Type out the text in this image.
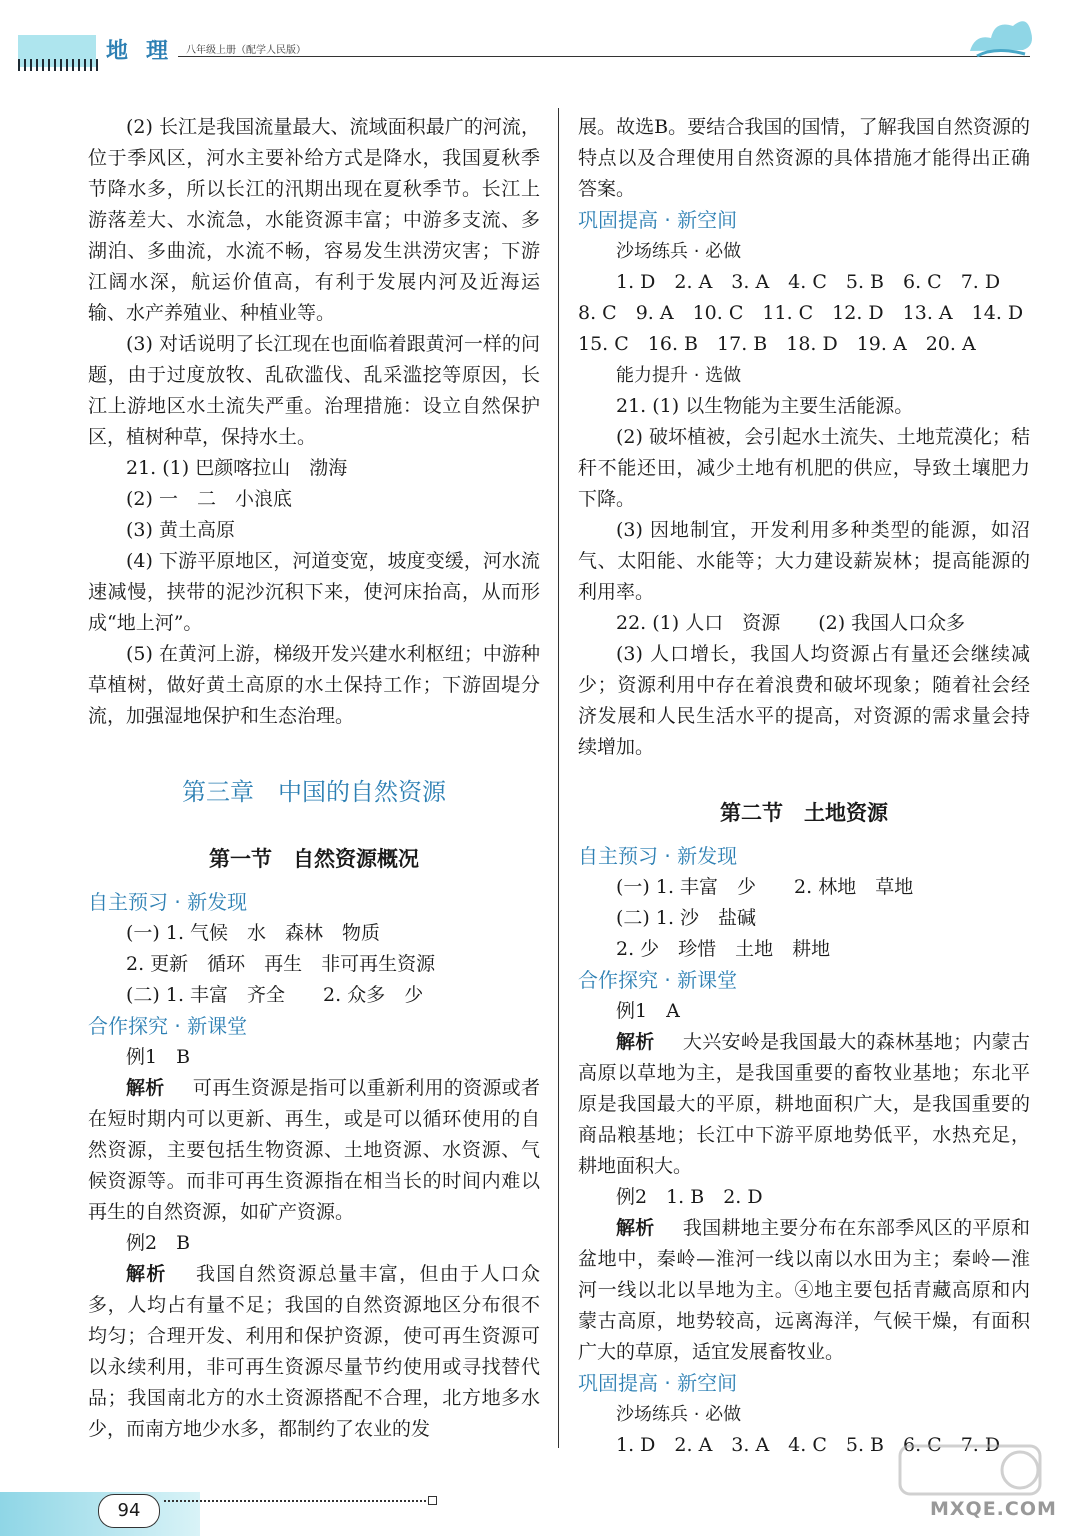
地理 八年级上册（配学人民版）

(2) 长江是我国流量最大、流域面积最广的河流，位于季风区，河水主要补给方式是降水，我国夏秋季节降水多，所以长江的汛期出现在夏秋季节。长江上游落差大、水流急，水能资源丰富；中游多支流、多湖泊、多曲流，水流不畅，容易发生洪涝灾害；下游江阔水深，航运价值高，有利于发展内河及近海运输、水产养殖业、种植业等。

(3) 对话说明了长江现在也面临着跟黄河一样的问题，由于过度放牧、乱砍滥伐、乱采滥挖等原因，长江上游地区水土流失严重。治理措施：设立自然保护区，植树种草，保持水土。

21. (1) 巴颜喀拉山　渤海

(2) 一　二　小浪底

(3) 黄土高原

(4) 下游平原地区，河道变宽，坡度变缓，河水流速减慢，挟带的泥沙沉积下来，使河床抬高，从而形成“地上河”。

(5) 在黄河上游，梯级开发兴建水利枢纽；中游种草植树，做好黄土高原的水土保持工作；下游固堤分流，加强湿地保护和生态治理。

第三章　中国的自然资源
第一节　自然资源概况

自主预习 · 新发现

(一) 1. 气候　水　森林　物质

2. 更新　循环　再生　非可再生资源

(二) 1. 丰富　齐全　　2. 众多　少

合作探究 · 新课堂

例1　B

解析 可再生资源是指可以重新利用的资源或者在短时期内可以更新、再生，或是可以循环使用的自然资源，主要包括生物资源、土地资源、水资源、气候资源等。而非可再生资源指在相当长的时间内难以再生的自然资源，如矿产资源。

例2　B

解析 我国自然资源总量丰富，但由于人口众多，人均占有量不足；我国的自然资源地区分布很不均匀；合理开发、利用和保护资源，使可再生资源可以永续利用，非可再生资源尽量节约使用或寻找替代品；我国南北方的水土资源搭配不合理，北方地多水少，而南方地少水多，都制约了农业的发

展。故选B。要结合我国的国情，了解我国自然资源的特点以及合理使用自然资源的具体措施才能得出正确答案。

巩固提高 · 新空间

沙场练兵 · 必做

1. D　2. A　3. A　4. C　5. B　6. C　7. D

8. C　9. A　10. C　11. C　12. D　13. A　14. D

15. C　16. B　17. B　18. D　19. A　20. A

能力提升 · 选做

21. (1) 以生物能为主要生活能源。

(2) 破坏植被，会引起水土流失、土地荒漠化；秸秆不能还田，减少土地有机肥的供应，导致土壤肥力下降。

(3) 因地制宜，开发利用多种类型的能源，如沼气、太阳能、水能等；大力建设薪炭林；提高能源的利用率。

22. (1) 人口　资源　　(2) 我国人口众多

(3) 人口增长，我国人均资源占有量还会继续减少；资源利用中存在着浪费和破坏现象；随着社会经济发展和人民生活水平的提高，对资源的需求量会持续增加。

第二节　土地资源

自主预习 · 新发现

(一) 1. 丰富　少　　2. 林地　草地

(二) 1. 沙　盐碱

2. 少　珍惜　土地　耕地

合作探究 · 新课堂

例1　A

解析 大兴安岭是我国最大的森林基地；内蒙古高原以草地为主，是我国重要的畜牧业基地；东北平原是我国最大的平原，耕地面积广大，是我国重要的商品粮基地；长江中下游平原地势低平，水热充足，耕地面积大。

例2　1. B　2. D

解析 我国耕地主要分布在东部季风区的平原和盆地中，秦岭—淮河一线以南以水田为主；秦岭—淮河一线以北以旱地为主。④地主要包括青藏高原和内蒙古高原，地势较高，远离海洋，气候干燥，有面积广大的草原，适宜发展畜牧业。

巩固提高 · 新空间

沙场练兵 · 必做

1. D　2. A　3. A　4. C　5. B　6. C　7. D

94	MXQE.COM
